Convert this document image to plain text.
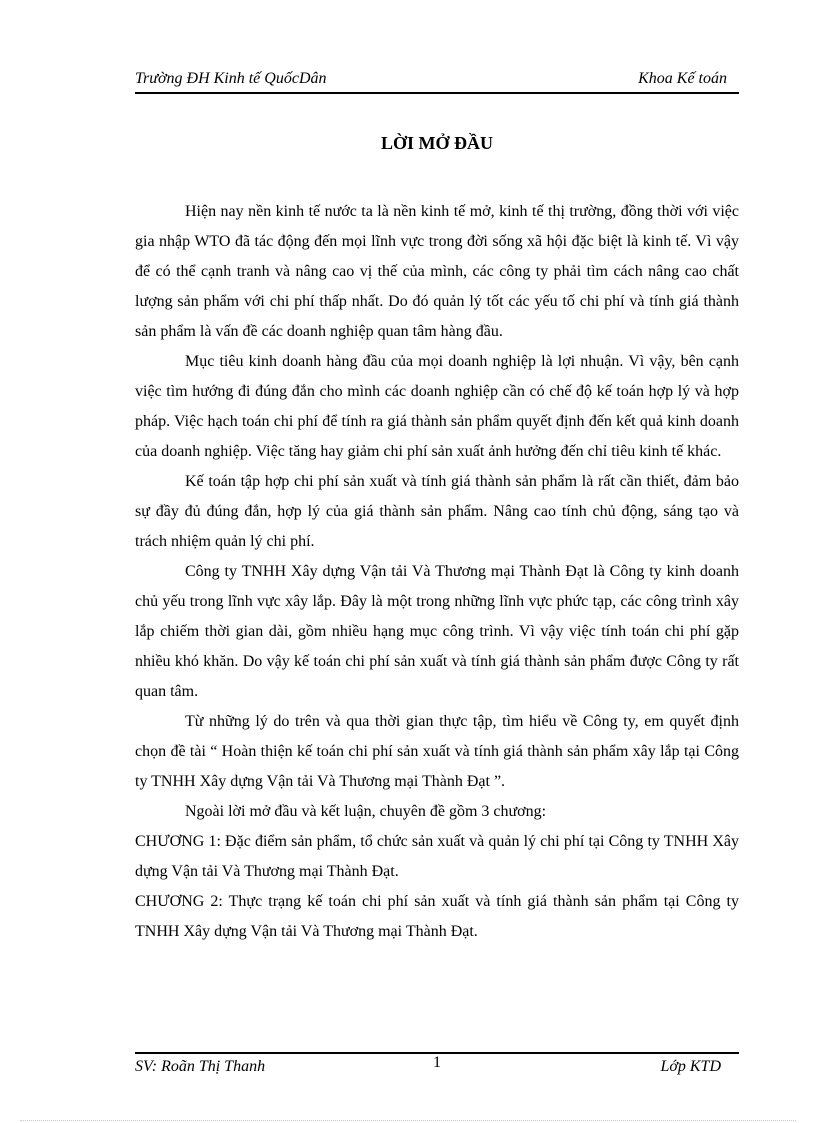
Trường ĐH Kinh tế QuốcDân	Khoa Kế toán
LỜI MỞ ĐẦU

Hiện nay nền kinh tế nước ta là nền kinh tế mở, kinh tế thị trường, đồng thời với việc gia nhập WTO đã tác động đến mọi lĩnh vực trong đời sống xã hội đặc biệt là kinh tế. Vì vậy để có thể cạnh tranh và nâng cao vị thế của mình, các công ty phải tìm cách nâng cao chất lượng sản phẩm với chi phí thấp nhất. Do đó quản lý tốt các yếu tố chi phí và tính giá thành sản phẩm là vấn đề các doanh nghiệp quan tâm hàng đầu.

Mục tiêu kinh doanh hàng đầu của mọi doanh nghiệp là lợi nhuận. Vì vậy, bên cạnh việc tìm hướng đi đúng đắn cho mình các doanh nghiệp cần có chế độ kế toán hợp lý và hợp pháp. Việc hạch toán chi phí để tính ra giá thành sản phẩm quyết định đến kết quả kinh doanh của doanh nghiệp. Việc tăng hay giảm chi phí sản xuất ảnh hưởng đến chỉ tiêu kinh tế khác.

Kế toán tập hợp chi phí sản xuất và tính giá thành sản phẩm là rất cần thiết, đảm bảo sự đầy đủ đúng đắn, hợp lý của giá thành sản phẩm. Nâng cao tính chủ động, sáng tạo và trách nhiệm quản lý chi phí.

Công ty TNHH Xây dựng Vận tải Và Thương mại Thành Đạt là Công ty kinh doanh chủ yếu trong lĩnh vực xây lắp. Đây là một trong những lĩnh vực phức tạp, các công trình xây lắp chiếm thời gian dài, gồm nhiều hạng mục công trình. Vì vậy việc tính toán chi phí gặp nhiều khó khăn. Do vậy kế toán chi phí sản xuất và tính giá thành sản phẩm được Công ty rất quan tâm.

Từ những lý do trên và qua thời gian thực tập, tìm hiểu về Công ty, em quyết định chọn đề tài “ Hoàn thiện kế toán chi phí sản xuất và tính giá thành sản phẩm xây lắp tại Công ty TNHH Xây dựng Vận tải Và Thương mại Thành Đạt ”.

Ngoài lời mở đầu và kết luận, chuyên đề gồm 3 chương:

CHƯƠNG 1: Đặc điểm sản phẩm, tổ chức sản xuất và quản lý chi phí tại Công ty TNHH Xây dựng Vận tải Và Thương mại Thành Đạt.

CHƯƠNG 2: Thực trạng kế toán chi phí sản xuất và tính giá thành sản phẩm tại Công ty TNHH Xây dựng Vận tải Và Thương mại Thành Đạt.

SV: Roãn Thị Thanh	1	Lớp KTD
